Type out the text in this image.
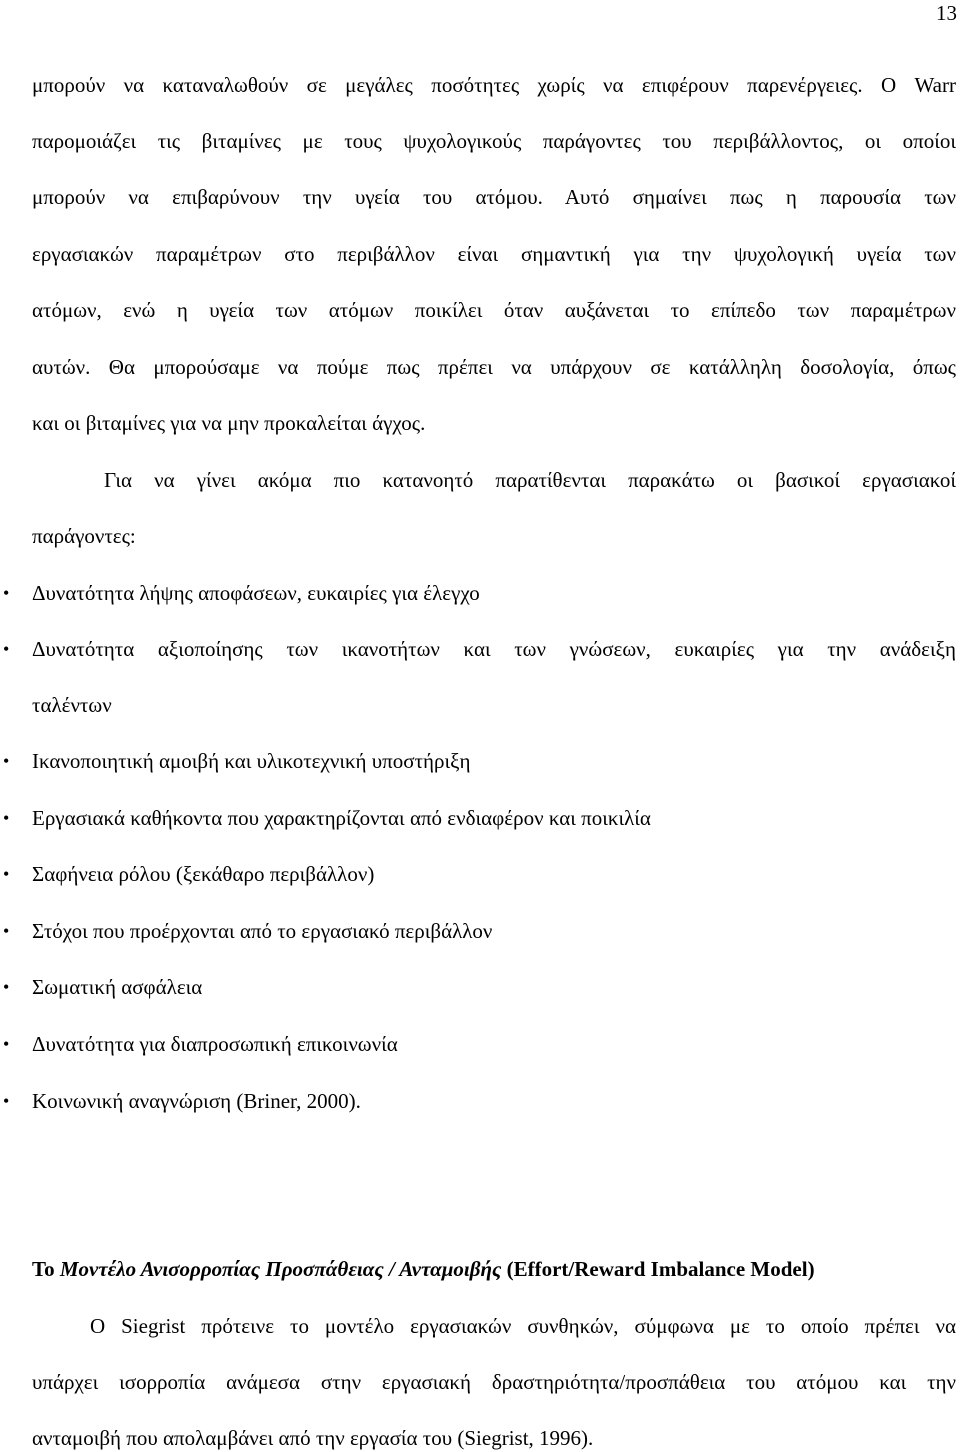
13
μπορούν να καταναλωθούν σε μεγάλες ποσότητες χωρίς να επιφέρουν παρενέργειες. Ο Warr
παρομοιάζει τις βιταμίνες με τους ψυχολογικούς παράγοντες του περιβάλλοντος, οι οποίοι
μπορούν να επιβαρύνουν την υγεία του ατόμου. Αυτό σημαίνει πως η παρουσία των
εργασιακών παραμέτρων στο περιβάλλον είναι σημαντική για την ψυχολογική υγεία των
ατόμων, ενώ η υγεία των ατόμων ποικίλει όταν αυξάνεται το επίπεδο των παραμέτρων
αυτών. Θα μπορούσαμε να πούμε πως πρέπει να υπάρχουν σε κατάλληλη δοσολογία, όπως
και οι βιταμίνες για να μην προκαλείται άγχος.
Για να γίνει ακόμα πιο κατανοητό παρατίθενται παρακάτω οι βασικοί εργασιακοί
παράγοντες:
• Δυνατότητα λήψης αποφάσεων, ευκαιρίες για έλεγχο
• Δυνατότητα αξιοποίησης των ικανοτήτων και των γνώσεων, ευκαιρίες για την ανάδειξη
ταλέντων
• Ικανοποιητική αμοιβή και υλικοτεχνική υποστήριξη
• Εργασιακά καθήκοντα που χαρακτηρίζονται από ενδιαφέρον και ποικιλία
• Σαφήνεια ρόλου (ξεκάθαρο περιβάλλον)
• Στόχοι που προέρχονται από το εργασιακό περιβάλλον
• Σωματική ασφάλεια
• Δυνατότητα για διαπροσωπική επικοινωνία
• Κοινωνική αναγνώριση (Briner, 2000).
Το Μοντέλο Ανισορροπίας Προσπάθειας / Ανταμοιβής (Effort/Reward Imbalance Model)
Ο Siegrist πρότεινε το μοντέλο εργασιακών συνθηκών, σύμφωνα με το οποίο πρέπει να
υπάρχει ισορροπία ανάμεσα στην εργασιακή δραστηριότητα/προσπάθεια του ατόμου και την
ανταμοιβή που απολαμβάνει από την εργασία του (Siegrist, 1996).
